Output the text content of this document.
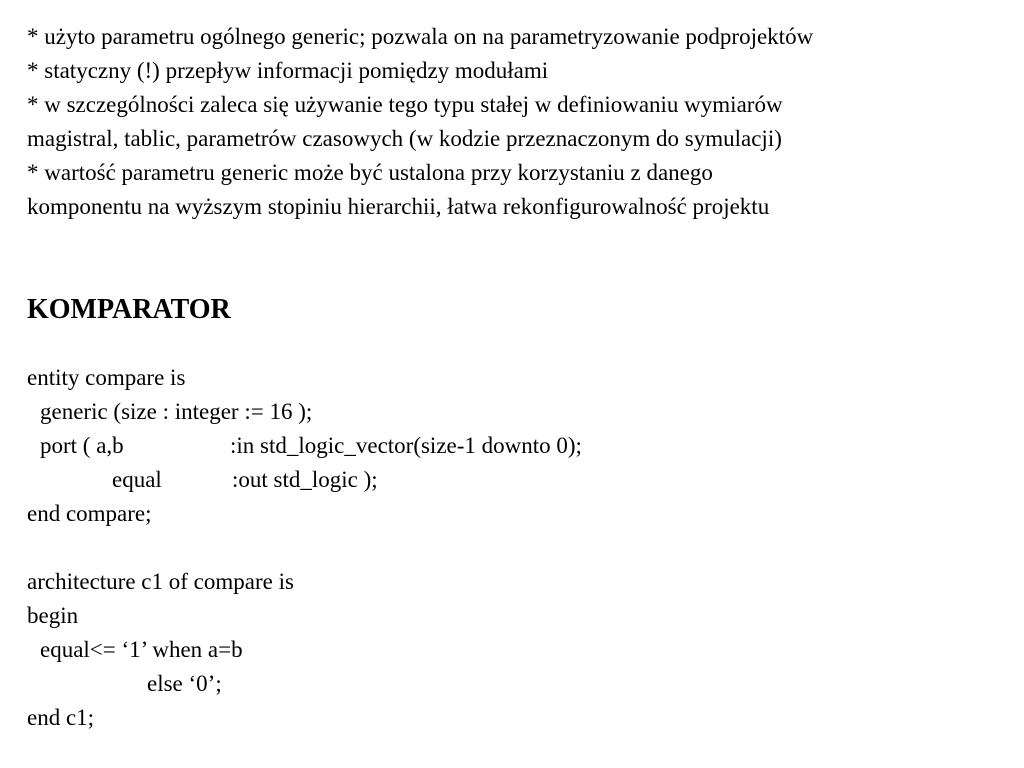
* użyto parametru ogólnego generic; pozwala on na parametryzowanie podprojektów

* statyczny (!) przepływ informacji pomiędzy modułami

* w szczególności zaleca się używanie tego typu stałej w definiowaniu wymiarów

magistral, tablic, parametrów czasowych (w kodzie przeznaczonym do symulacji)

* wartość parametru generic może być ustalona przy korzystaniu z danego

komponentu na wyższym stopiniu hierarchii, łatwa rekonfigurowalność projektu

KOMPARATOR

entity compare is

generic (size : integer := 16 );

port ( a,b	:in std_logic_vector(size-1 downto 0);

equal	:out std_logic );

end compare;

architecture c1 of compare is

begin

equal<= ‘1’ when a=b

else ‘0’;

end c1;
